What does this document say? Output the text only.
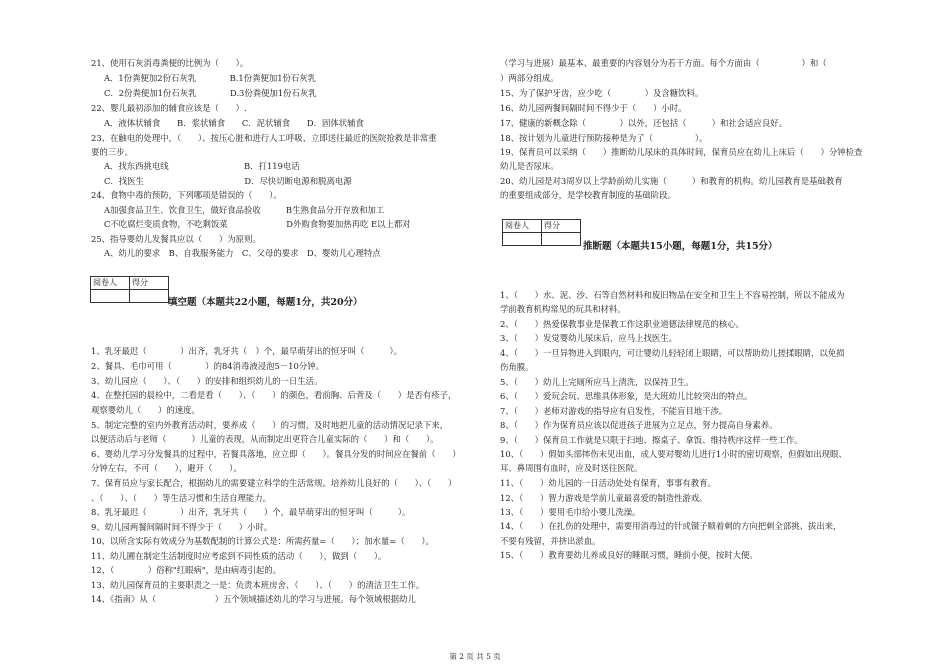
21、使用石灰消毒粪便的比例为（　　）。
A．1份粪便加2份石灰乳　　　　B.1份粪便加1份石灰乳
C．2份粪便加1份石灰乳　　　　D.3份粪便加1份石灰乳
22、婴儿最初添加的辅食应该是（　　）.
A．液体状辅食　　B．浆状辅食　　C．泥状辅食　　D．固体状辅食
23、在触电的处理中，（　　）、按压心脏和进行人工呼吸、立即送往最近的医院抢救是非常重
要的三步。
A．找东西挑电线　　　　　　　　　B．打119电话
C．找医生　　　　　　　　　　　　D．尽快切断电源和脱离电源
24、食物中毒的预防，下列哪项是错误的（　　）。
A加强食品卫生、饮食卫生，做好食品验收　　　B生熟食品分开存放和加工
C不吃腐烂变质食物，不吃剩饭菜　　　　　　　D外购食物要加热再吃 E以上都对
25、指导婴幼儿发餐具应以（　　）为原则。
A、幼儿的要求　B、自我服务能力　C、父母的要求　D、婴幼儿心理特点
阅卷人	得分

填空题（本题共22小题，每题1分，共20分）
1、乳牙最迟（　　　　）出齐，乳牙共（　）个，最早萌芽出的恒牙叫（　　　）。
2、餐具、毛巾可用（　　　　）的84消毒液浸泡5－10分钟。
3、幼儿园应（　　）、（　　）的安排和组织幼儿的一日生活。
4、在整托园的晨检中，二看是看（　　）、（　　）的颜色，看前胸、后背及（　　）是否有疹子，
观察婴幼儿（　　）的速度。
5、制定完整的室内外教育活动时，要养成（　　）的习惯，及时地把儿童的活动情况记录下来，
以便活动后与老师（　　　）儿童的表现，从而制定出更符合儿童实际的（　　）和（　　）。
6、婴幼儿学习分发餐具的过程中，若餐具落地，应立即（　　）。餐具分发的时间应在餐前（　　）
分钟左右，不可（　　），避开（　　）。
7、保育员应与家长配合，根据幼儿的需要建立科学的生活常规。培养幼儿良好的（　　）、（　　）
、（　　）、（　　）等生活习惯和生活自理能力。
8、乳牙最迟（　　　　）出齐，乳牙共（　　）个，最早萌芽出的恒牙叫（　　　）。
9、幼儿园两餐间隔时间不得少于（　　）小时。
10、以所含实际有效成分为基数配制的计算公式是：所需药量=（　　）；加水量=（　　）。
11、幼儿圃在制定生活制度时应考虑到不同性质的活动（　　），做到（　　）。
12、（　　　　）俗称"红眼病"，是由病毒引起的。
13、幼儿园保育员的主要职责之一是：负责本班房舍、（　　）、（　　）的清洁卫生工作。
14、《指南》从（　　　　　　　）五个领域描述幼儿的学习与进展。每个领域根据幼儿
（学习与进展）最基本、最重要的内容划分为若干方面。每个方面由（　　　　　）和（
）两部分组成。
15、为了保护牙齿，应少吃（　　　　）及含糖饮料。
16、幼儿园两餐间隔时间不得少于（　　）小时。
17、健康的新概念除（　　　　）以外，还包括（　　　）和社会适应良好。
18、按计划为儿童进行预防接种是为了（　　　　　）。
19、保育员可以采纳（　　）推断幼儿尿床的具体时间，保育员应在幼儿上床后（　　）分钟检查
幼儿是否尿床。
20、幼儿园是对3周岁以上学龄前幼儿实施（　　　）和教育的机构。幼儿园教育是基础教育
的重要组成部分，是学校教育制度的基础阶段。
阅卷人	得分

推断题（本题共15小题，每题1分，共15分）
1、（　　）水、泥、沙、石等自然材料和废旧物品在安全和卫生上不容易控制，所以不能成为
学前教育机构常见的玩具和材料。
2、（　　）热爱保教事业是保教工作这职业道德法律规范的核心。
3、（　　）发觉婴幼儿尿床后，应马上找医生。
4、（　　）一旦异物进入到眼内，可让婴幼儿轻轻闭上眼睛，可以帮助幼儿搓揉眼睛，以免损
伤角膜。
5、（　　）幼儿上完厕所应马上清洗，以保持卫生。
6、（　　）爱玩会玩、思维具体形象，是大班幼儿比较突出的特点。
7、（　　）老师对游戏的指导应有启发性，不能盲目地干涉。
8、（　　）作为保育员应该以促进孩子进展为立足点，努力提高自身素养。
9、（　　）保育员工作就是只限于扫地、擦桌子、拿饭、维持秩序这样一些工作。
10、（　　）假如头部摔伤未见出血，成人要对婴幼儿进行1小时的密切观察，但假如出现眼、
耳、鼻周围有血时，应及时送往医院。
11、（　　）幼儿园的一日活动处处有保育，事事有教育。
12、（　　）智力游戏是学前儿童最喜爱的制造性游戏。
13、（　　）要用毛巾给小婴儿洗澡。
14、（　　）在扎伤的处理中，需要用消毒过的针或镊子顺着刺的方向把刺全部挑、拔出来，
不要有残留，并挤出淤血。
15、（　　）教育要幼儿养成良好的睡眠习惯，睡前小便，按时大便。
第 2 页 共 5 页
